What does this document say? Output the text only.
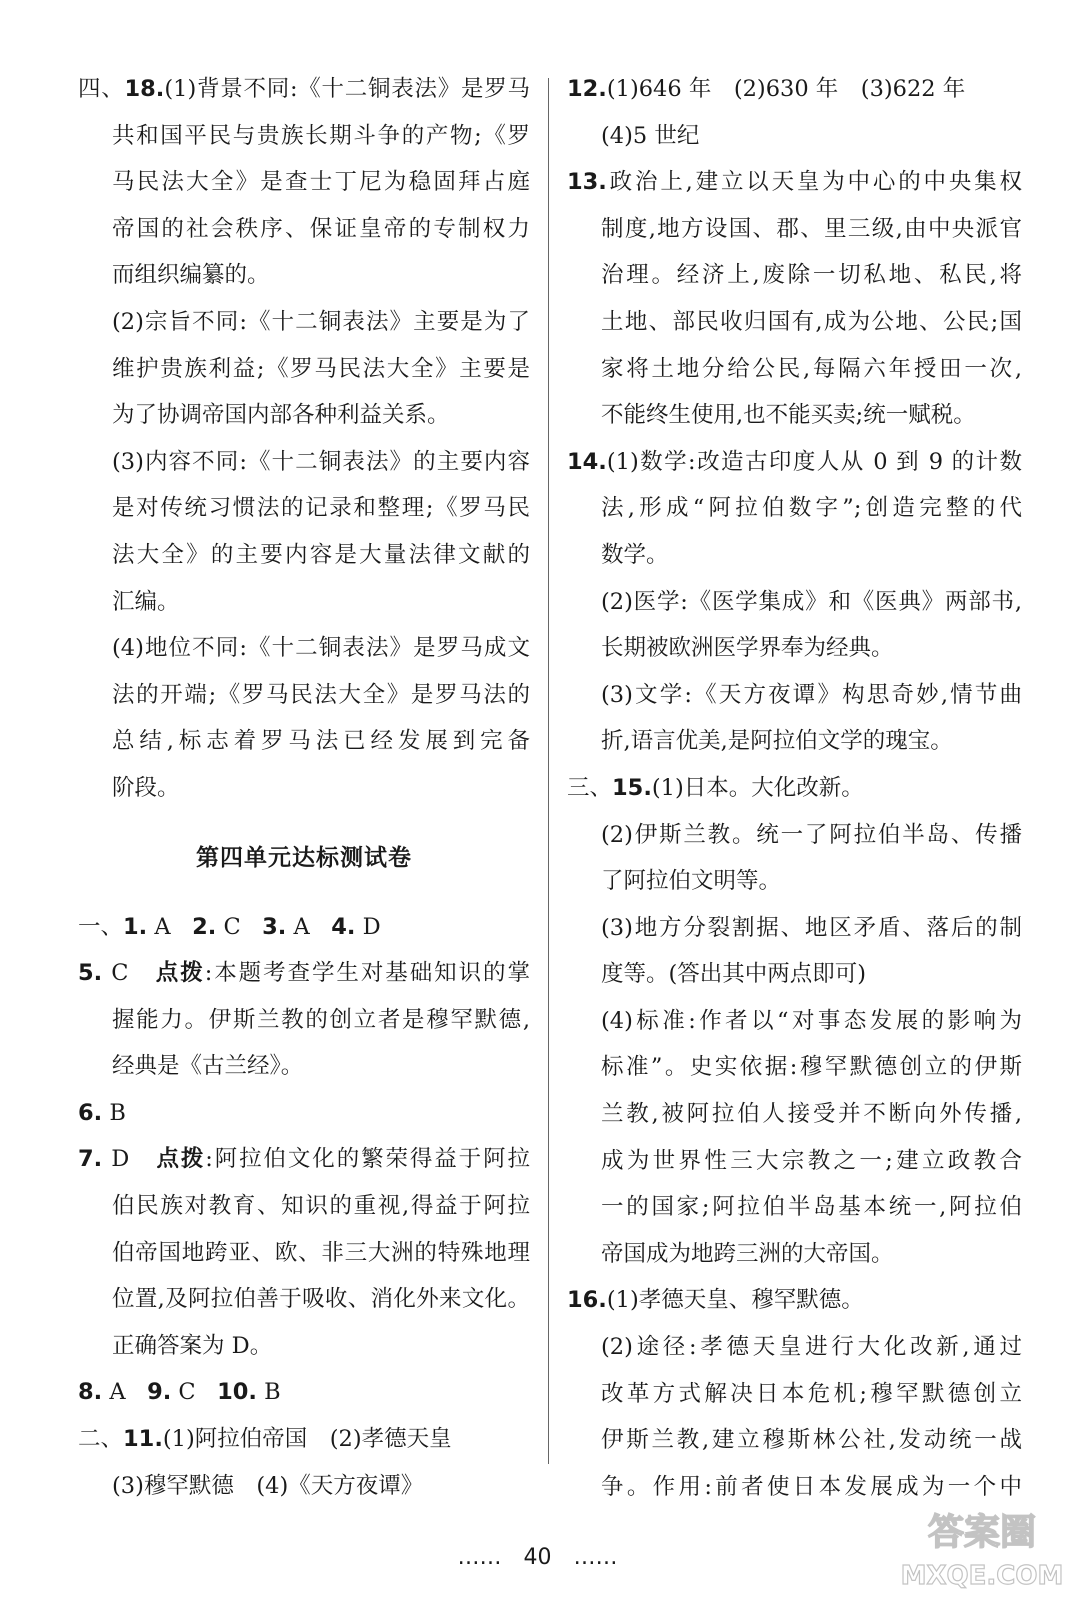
四、18.(1)背景不同:《十二铜表法》是罗马
共和国平民与贵族长期斗争的产物;《罗
马民法大全》是查士丁尼为稳固拜占庭
帝国的社会秩序、保证皇帝的专制权力
而组织编纂的。
(2)宗旨不同:《十二铜表法》主要是为了
维护贵族利益;《罗马民法大全》主要是
为了协调帝国内部各种利益关系。
(3)内容不同:《十二铜表法》的主要内容
是对传统习惯法的记录和整理;《罗马民
法大全》的主要内容是大量法律文献的
汇编。
(4)地位不同:《十二铜表法》是罗马成文
法的开端;《罗马民法大全》是罗马法的
总结,标志着罗马法已经发展到完备
阶段。
第四单元达标测试卷
一、1. A 2. C 3. A 4. D
5. C 点拨:本题考查学生对基础知识的掌
握能力。伊斯兰教的创立者是穆罕默德,
经典是《古兰经》。
6. B
7. D 点拨:阿拉伯文化的繁荣得益于阿拉
伯民族对教育、知识的重视,得益于阿拉
伯帝国地跨亚、欧、非三大洲的特殊地理
位置,及阿拉伯善于吸收、消化外来文化。
正确答案为 D。
8. A 9. C 10. B
二、11.(1)阿拉伯帝国　(2)孝德天皇
(3)穆罕默德　(4)《天方夜谭》
12.(1)646 年　(2)630 年　(3)622 年
(4)5 世纪
13.政治上,建立以天皇为中心的中央集权
制度,地方设国、郡、里三级,由中央派官
治理。经济上,废除一切私地、私民,将
土地、部民收归国有,成为公地、公民;国
家将土地分给公民,每隔六年授田一次,
不能终生使用,也不能买卖;统一赋税。
14.(1)数学:改造古印度人从 0 到 9 的计数
法,形成“阿拉伯数字”;创造完整的代
数学。
(2)医学:《医学集成》和《医典》两部书,
长期被欧洲医学界奉为经典。
(3)文学:《天方夜谭》构思奇妙,情节曲
折,语言优美,是阿拉伯文学的瑰宝。
三、15.(1)日本。大化改新。
(2)伊斯兰教。统一了阿拉伯半岛、传播
了阿拉伯文明等。
(3)地方分裂割据、地区矛盾、落后的制
度等。(答出其中两点即可)
(4)标准:作者以“对事态发展的影响为
标准”。史实依据:穆罕默德创立的伊斯
兰教,被阿拉伯人接受并不断向外传播,
成为世界性三大宗教之一;建立政教合
一的国家;阿拉伯半岛基本统一,阿拉伯
帝国成为地跨三洲的大帝国。
16.(1)孝德天皇、穆罕默德。
(2)途径:孝德天皇进行大化改新,通过
改革方式解决日本危机;穆罕默德创立
伊斯兰教,建立穆斯林公社,发动统一战
争。作用:前者使日本发展成为一个中
……　40　……
答案圈
MXQE.COM
